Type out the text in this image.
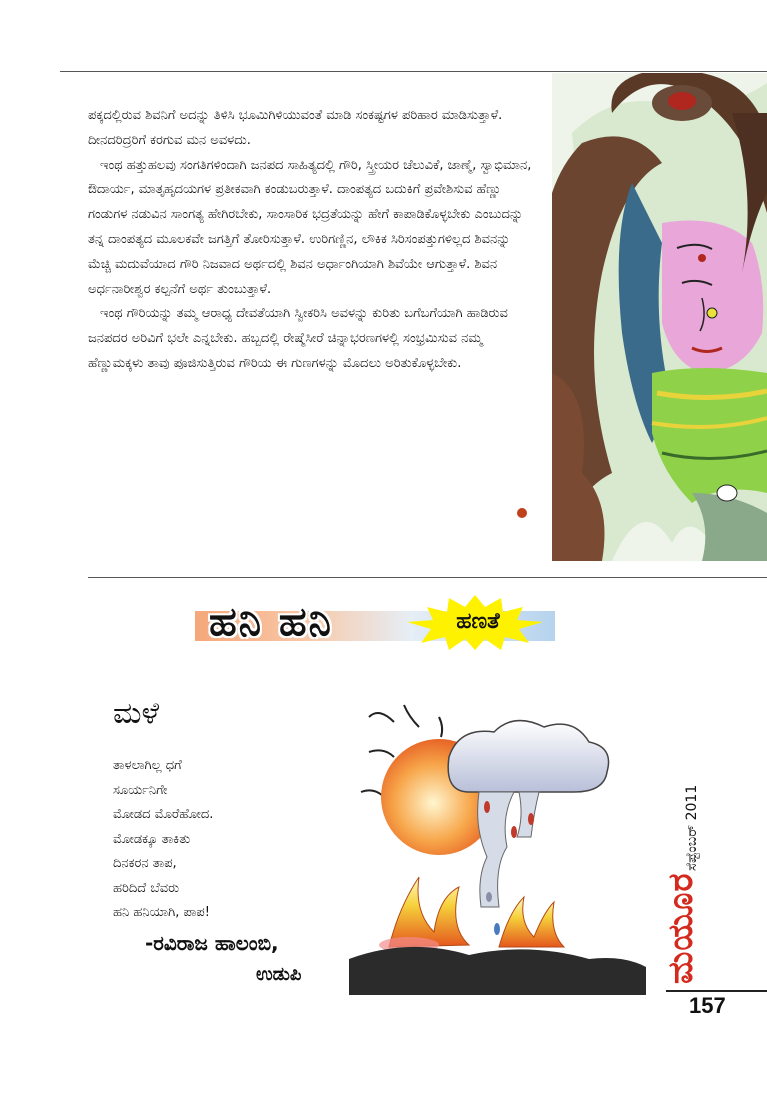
ಪಕ್ಕದಲ್ಲಿರುವ ಶಿವನಿಗೆ ಅದನ್ನು ತಿಳಿಸಿ ಭೂಮಿಗಿಳಿಯುವಂತೆ ಮಾಡಿ ಸಂಕಷ್ಟಗಳ ಪರಿಹಾರ ಮಾಡಿಸುತ್ತಾಳೆ. ದೀನದರಿದ್ರರಿಗೆ ಕರಗುವ ಮನ ಅವಳದು.

ಇಂಥ ಹತ್ತುಹಲವು ಸಂಗತಿಗಳಿಂದಾಗಿ ಜನಪದ ಸಾಹಿತ್ಯದಲ್ಲಿ ಗೌರಿ, ಸ್ತ್ರೀಯರ ಚೆಲುವಿಕೆ, ಜಾಣ್ಮೆ, ಸ್ವಾಭಿಮಾನ, ಔದಾರ್ಯ, ಮಾತೃಹೃದಯಗಳ ಪ್ರತೀಕವಾಗಿ ಕಂಡುಬರುತ್ತಾಳೆ. ದಾಂಪತ್ಯದ ಬದುಕಿಗೆ ಪ್ರವೇಶಿಸುವ ಹೆಣ್ಣು ಗಂಡುಗಳ ನಡುವಿನ ಸಾಂಗತ್ಯ ಹೇಗಿರಬೇಕು, ಸಾಂಸಾರಿಕ ಭದ್ರತೆಯನ್ನು ಹೇಗೆ ಕಾಪಾಡಿಕೊಳ್ಳಬೇಕು ಎಂಬುದನ್ನು ತನ್ನ ದಾಂಪತ್ಯದ ಮೂಲಕವೇ ಜಗತ್ತಿಗೆ ತೋರಿಸುತ್ತಾಳೆ. ಉರಿಗಣ್ಣಿನ, ಲೌಕಿಕ ಸಿರಿಸಂಪತ್ತುಗಳಿಲ್ಲದ ಶಿವನನ್ನು ಮೆಚ್ಚಿ ಮದುವೆಯಾದ ಗೌರಿ ನಿಜವಾದ ಅರ್ಥದಲ್ಲಿ ಶಿವನ ಅರ್ಧಾಂಗಿಯಾಗಿ ಶಿವೆಯೇ ಆಗುತ್ತಾಳೆ. ಶಿವನ ಅರ್ಧನಾರೀಶ್ವರ ಕಲ್ಪನೆಗೆ ಅರ್ಥ ತುಂಬುತ್ತಾಳೆ.

ಇಂಥ ಗೌರಿಯನ್ನು ತಮ್ಮ ಆರಾಧ್ಯ ದೇವತೆಯಾಗಿ ಸ್ವೀಕರಿಸಿ ಅವಳನ್ನು ಕುರಿತು ಬಗೆಬಗೆಯಾಗಿ ಹಾಡಿರುವ ಜನಪದರ ಅರಿವಿಗೆ ಭಲೇ ಎನ್ನಬೇಕು. ಹಬ್ಬದಲ್ಲಿ ರೇಷ್ಮೆಸೀರೆ ಚಿನ್ನಾಭರಣಗಳಲ್ಲಿ ಸಂಭ್ರಮಿಸುವ ನಮ್ಮ ಹೆಣ್ಣುಮಕ್ಕಳು ತಾವು ಪೂಜಿಸುತ್ತಿರುವ ಗೌರಿಯ ಈ ಗುಣಗಳನ್ನು ಮೊದಲು ಅರಿತುಕೊಳ್ಳಬೇಕು.

ಹನಿ ಹನಿ	ಹಣತೆ
ಮಳೆ
ತಾಳಲಾಗಿಲ್ಲ ಧಗೆ
ಸೂರ್ಯನಿಗೇ
ಮೋಡದ ಮೊರೆಹೋದ.
ಮೋಡಕ್ಕೂ ತಾಕಿತು
ದಿನಕರನ ತಾಪ,
ಹರಿದಿದೆ ಬೆವರು
ಹನಿ ಹನಿಯಾಗಿ, ಪಾಪ!
-ರವಿರಾಜ ಹಾಲಂಬಿ,
ಉಡುಪಿ
ಸೆಪ್ಟೆಂಬರ್ 2011
ಮಯೂರ
157
